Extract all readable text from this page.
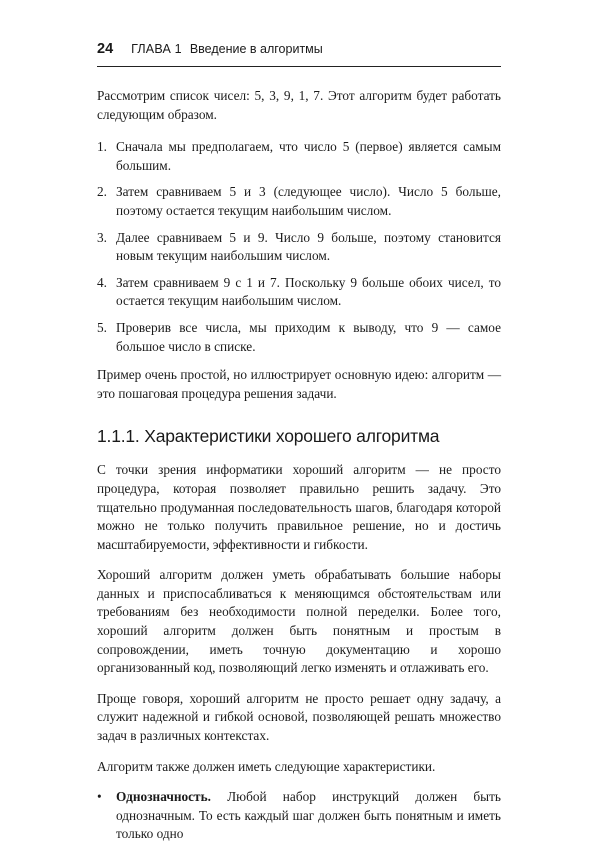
24 ГЛАВА 1 Введение в алгоритмы

Рассмотрим список чисел: 5, 3, 9, 1, 7. Этот алгоритм будет работать следующим образом.

1. Сначала мы предполагаем, что число 5 (первое) является самым большим.
2. Затем сравниваем 5 и 3 (следующее число). Число 5 больше, поэтому остается текущим наибольшим числом.
3. Далее сравниваем 5 и 9. Число 9 больше, поэтому становится новым текущим наибольшим числом.
4. Затем сравниваем 9 с 1 и 7. Поскольку 9 больше обоих чисел, то остается текущим наибольшим числом.
5. Проверив все числа, мы приходим к выводу, что 9 — самое большое число в списке.

Пример очень простой, но иллюстрирует основную идею: алгоритм — это пошаговая процедура решения задачи.

1.1.1. Характеристики хорошего алгоритма

С точки зрения информатики хороший алгоритм — не просто процедура, которая позволяет правильно решить задачу. Это тщательно продуманная последовательность шагов, благодаря которой можно не только получить правильное решение, но и достичь масштабируемости, эффективности и гибкости.

Хороший алгоритм должен уметь обрабатывать большие наборы данных и приспосабливаться к меняющимся обстоятельствам или требованиям без необходимости полной переделки. Более того, хороший алгоритм должен быть понятным и простым в сопровождении, иметь точную документацию и хорошо организованный код, позволяющий легко изменять и отлаживать его.

Проще говоря, хороший алгоритм не просто решает одну задачу, а служит надежной и гибкой основой, позволяющей решать множество задач в различных контекстах.

Алгоритм также должен иметь следующие характеристики.

•	Однозначность. Любой набор инструкций должен быть однозначным. То есть каждый шаг должен быть понятным и иметь только одно
